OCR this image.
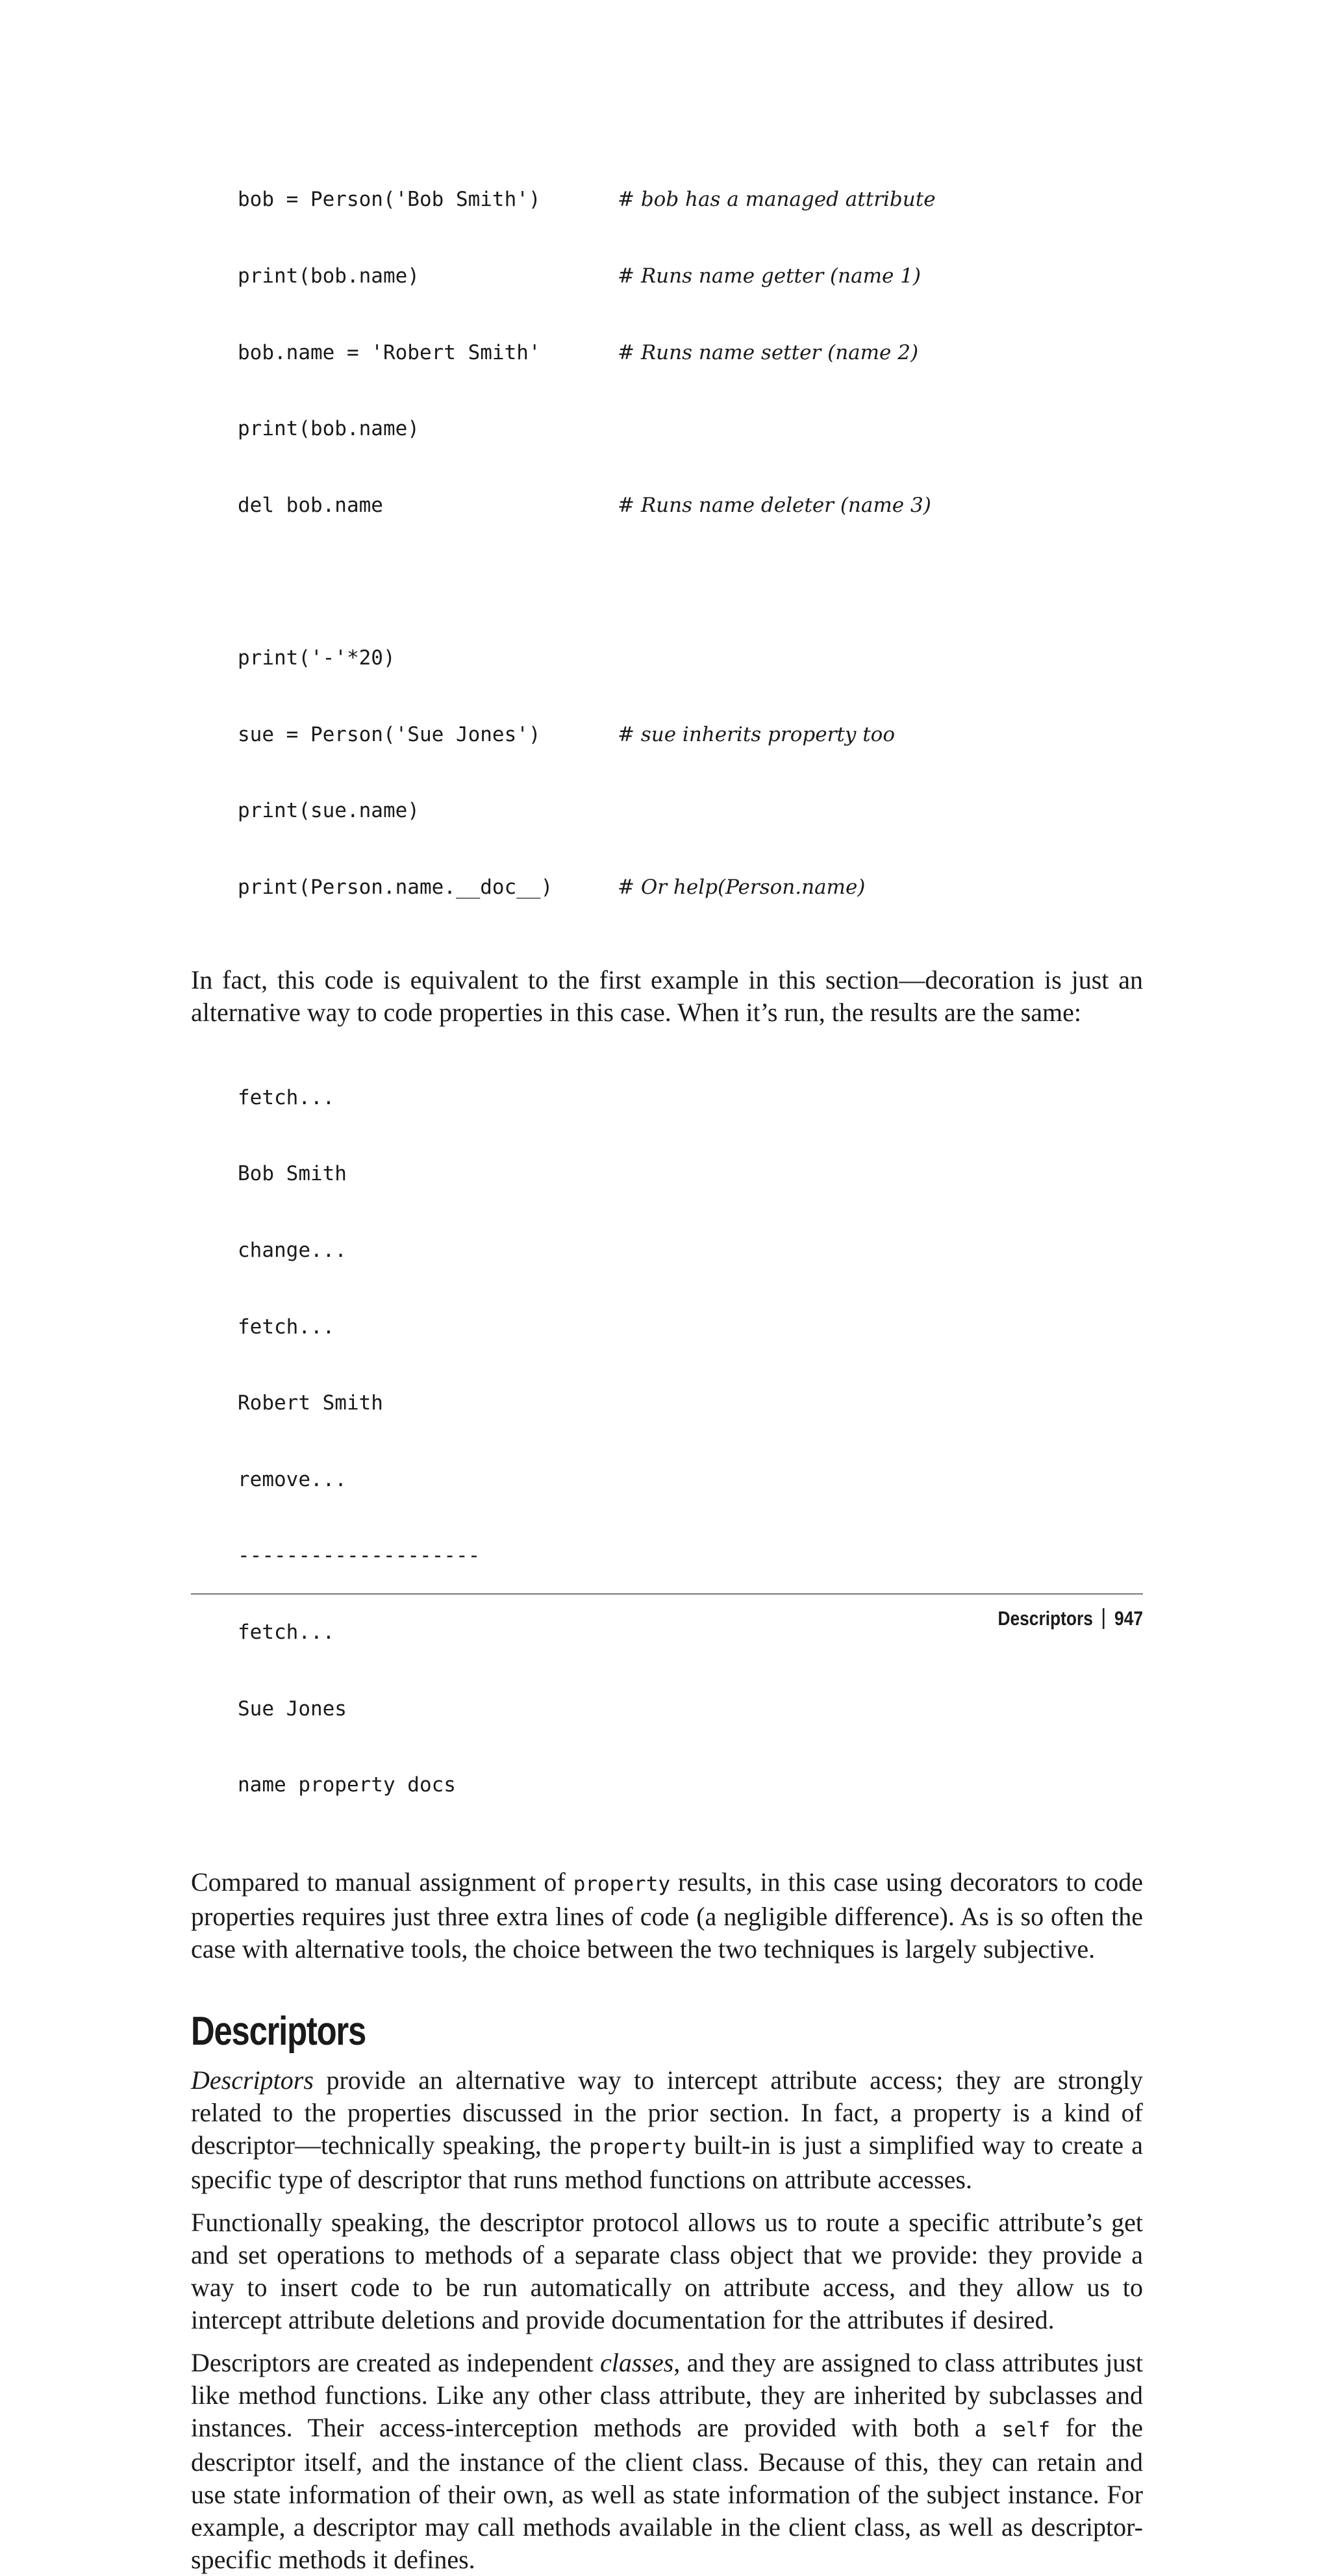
bob = Person('Bob Smith')	# bob has a managed attribute

print(bob.name)	# Runs name getter (name 1)

bob.name = 'Robert Smith'	# Runs name setter (name 2)

print(bob.name)

del bob.name	# Runs name deleter (name 3)

print('-'*20)

sue = Person('Sue Jones')	# sue inherits property too

print(sue.name)

print(Person.name.__doc__)	# Or help(Person.name)

In fact, this code is equivalent to the first example in this section—decoration is just an alternative way to code properties in this case. When it’s run, the results are the same:

fetch...

Bob Smith

change...

fetch...

Robert Smith

remove...

--------------------

fetch...

Sue Jones

name property docs

Compared to manual assignment of property results, in this case using decorators to code properties requires just three extra lines of code (a negligible difference). As is so often the case with alternative tools, the choice between the two techniques is largely subjective.

Descriptors

Descriptors provide an alternative way to intercept attribute access; they are strongly related to the properties discussed in the prior section. In fact, a property is a kind of descriptor—technically speaking, the property built-in is just a simplified way to create a specific type of descriptor that runs method functions on attribute accesses.

Functionally speaking, the descriptor protocol allows us to route a specific attribute’s get and set operations to methods of a separate class object that we provide: they provide a way to insert code to be run automatically on attribute access, and they allow us to intercept attribute deletions and provide documentation for the attributes if desired.

Descriptors are created as independent classes, and they are assigned to class attributes just like method functions. Like any other class attribute, they are inherited by subclasses and instances. Their access-interception methods are provided with both a self for the descriptor itself, and the instance of the client class. Because of this, they can retain and use state information of their own, as well as state information of the subject instance. For example, a descriptor may call methods available in the client class, as well as descriptor-specific methods it defines.

Descriptors 947
